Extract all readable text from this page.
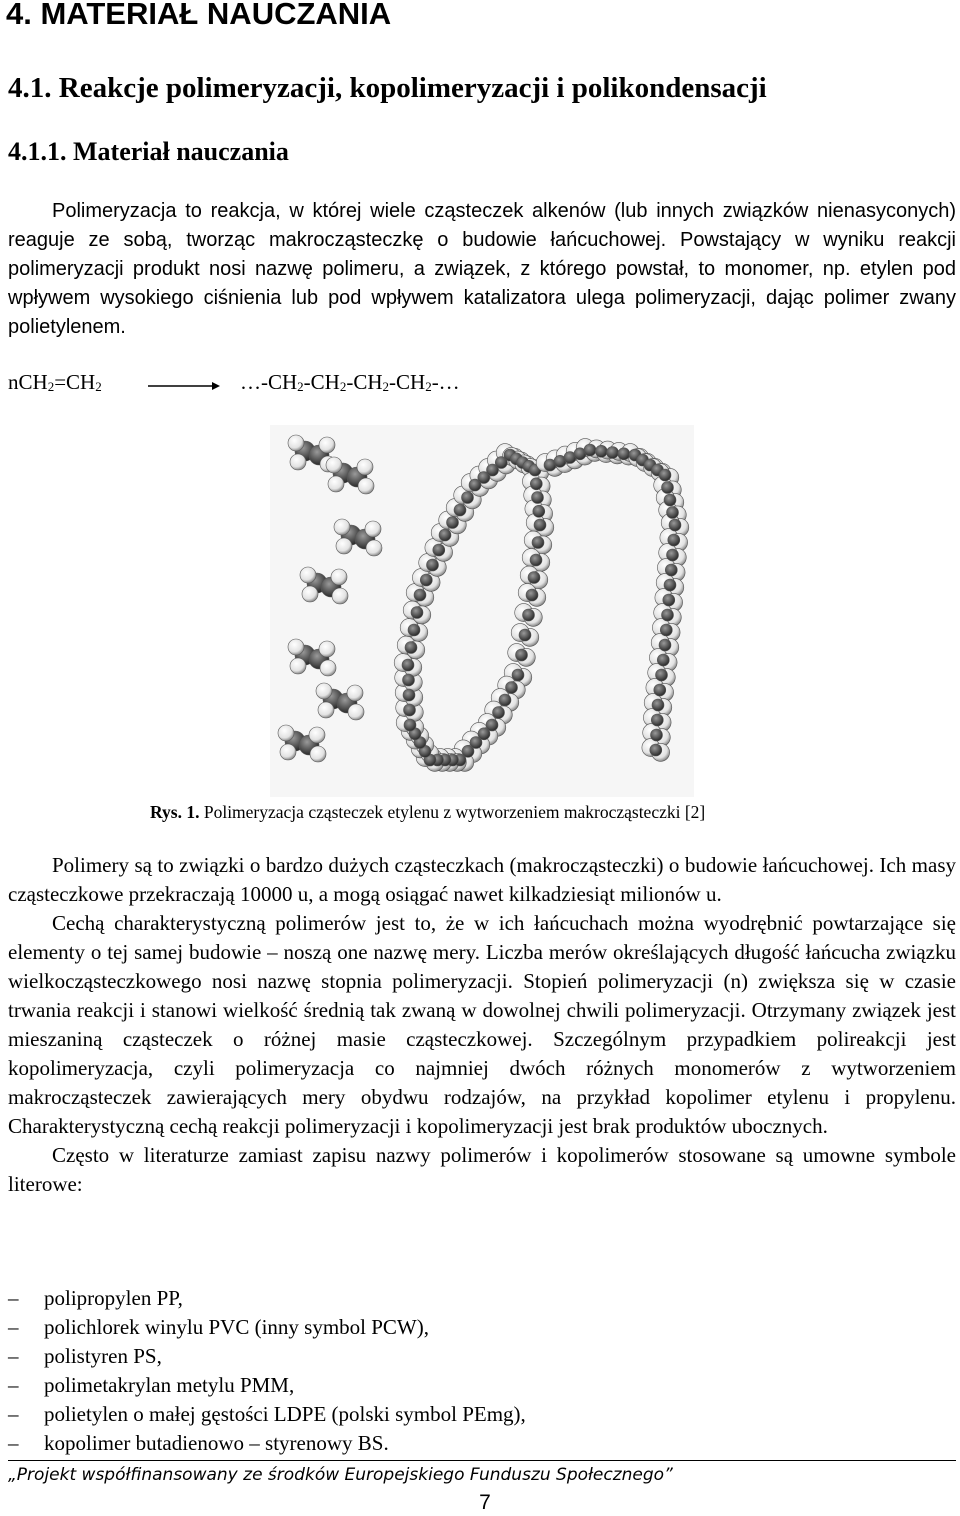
4. MATERIAŁ NAUCZANIA
4.1. Reakcje polimeryzacji, kopolimeryzacji i polikondensacji
4.1.1. Materiał nauczania

Polimeryzacja to reakcja, w której wiele cząsteczek alkenów (lub innych związków nienasyconych) reaguje ze sobą, tworząc makrocząsteczkę o budowie łańcuchowej. Powstający w wyniku reakcji polimeryzacji produkt nosi nazwę polimeru, a związek, z którego powstał, to monomer, np. etylen pod wpływem wysokiego ciśnienia lub pod wpływem katalizatora ulega polimeryzacji, dając polimer zwany polietylenem.

$nCH_2=CH_2$ → $\dots-CH_2-CH_2-CH_2-CH_2-\dots$
Rys. 1. Polimeryzacja cząsteczek etylenu z wytworzeniem makrocząsteczki [2]

Polimery są to związki o bardzo dużych cząsteczkach (makrocząsteczki) o budowie łańcuchowej. Ich masy cząsteczkowe przekraczają 10000 u, a mogą osiągać nawet kilkadziesiąt milionów u.

Cechą charakterystyczną polimerów jest to, że w ich łańcuchach można wyodrębnić powtarzające się elementy o tej samej budowie – noszą one nazwę mery. Liczba merów określających długość łańcucha związku wielkocząsteczkowego nosi nazwę stopnia polimeryzacji. Stopień polimeryzacji (n) zwiększa się w czasie trwania reakcji i stanowi wielkość średnią tak zwaną w dowolnej chwili polimeryzacji. Otrzymany związek jest mieszaniną cząsteczek o różnej masie cząsteczkowej. Szczególnym przypadkiem polireakcji jest kopolimeryzacja, czyli polimeryzacja co najmniej dwóch różnych monomerów z wytworzeniem makrocząsteczek zawierających mery obydwu rodzajów, na przykład kopolimer etylenu i propylenu. Charakterystyczną cechą reakcji polimeryzacji i kopolimeryzacji jest brak produktów ubocznych.

Często w literaturze zamiast zapisu nazwy polimerów i kopolimerów stosowane są umowne symbole literowe:

– polipropylen PP,
– polichlorek winylu PVC (inny symbol PCW),
– polistyren PS,
– polimetakrylan metylu PMM,
– polietylen o małej gęstości LDPE (polski symbol PEmg),
– kopolimer butadienowo – styrenowy BS.
„Projekt współfinansowany ze środków Europejskiego Funduszu Społecznego”
7
